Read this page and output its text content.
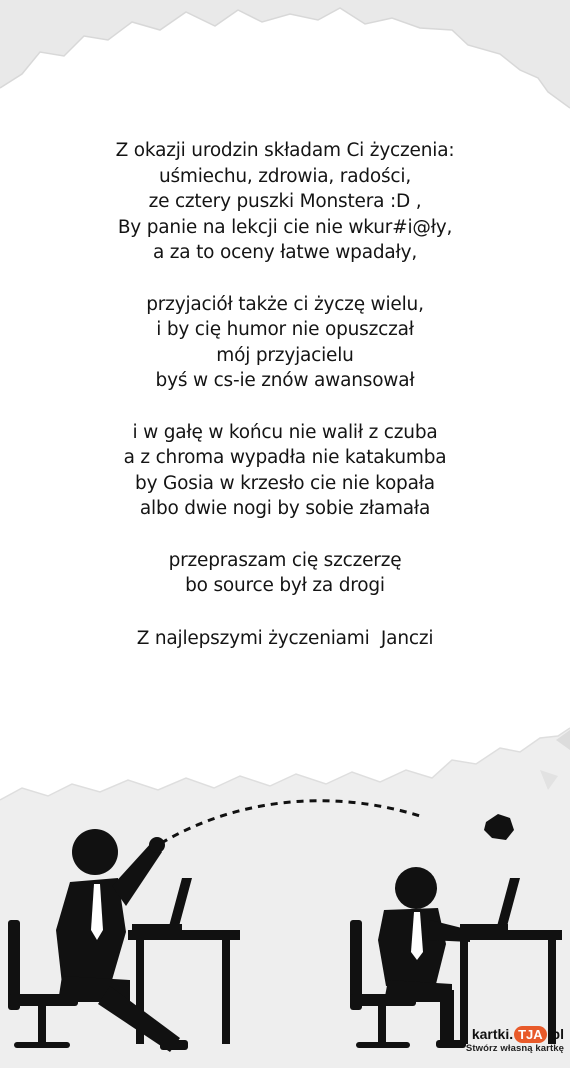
Z okazji urodzin składam Ci życzenia:
uśmiechu, zdrowia, radości,
ze cztery puszki Monstera :D ,
By panie na lekcji cie nie wkur#i@ły,
a za to oceny łatwe wpadały,
przyjaciół także ci życzę wielu,
i by cię humor nie opuszczał
mój przyjacielu
byś w cs-ie znów awansował
i w gałę w końcu nie walił z czuba
a z chroma wypadła nie katakumba
by Gosia w krzesło cie nie kopała
albo dwie nogi by sobie złamała
przepraszam cię szczerzę
bo source był za drogi
Z najlepszymi życzeniami  Janczi
kartki. TJA .pl
Stwórz własną kartkę
